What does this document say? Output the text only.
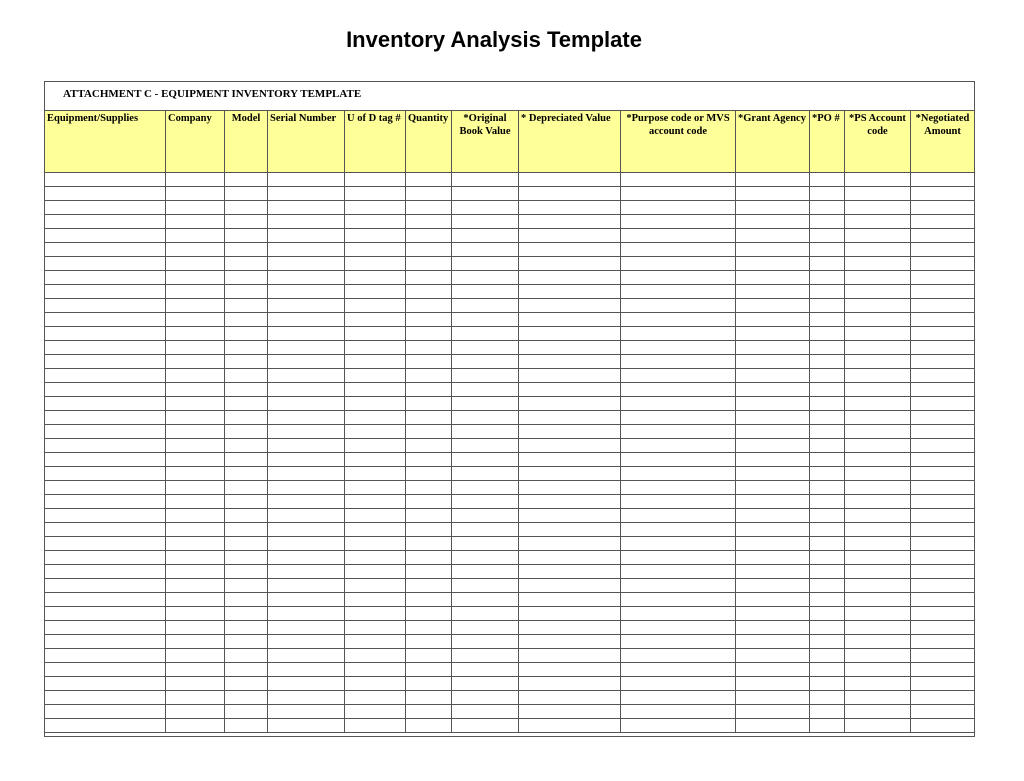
Inventory Analysis Template
ATTACHMENT C - EQUIPMENT INVENTORY TEMPLATE
Equipment/Supplies	Company	Model	Serial Number	U of D tag #	Quantity	*Original Book Value	* Depreciated Value	*Purpose code or MVS account code	*Grant Agency	*PO #	*PS Account code	*Negotiated Amount
